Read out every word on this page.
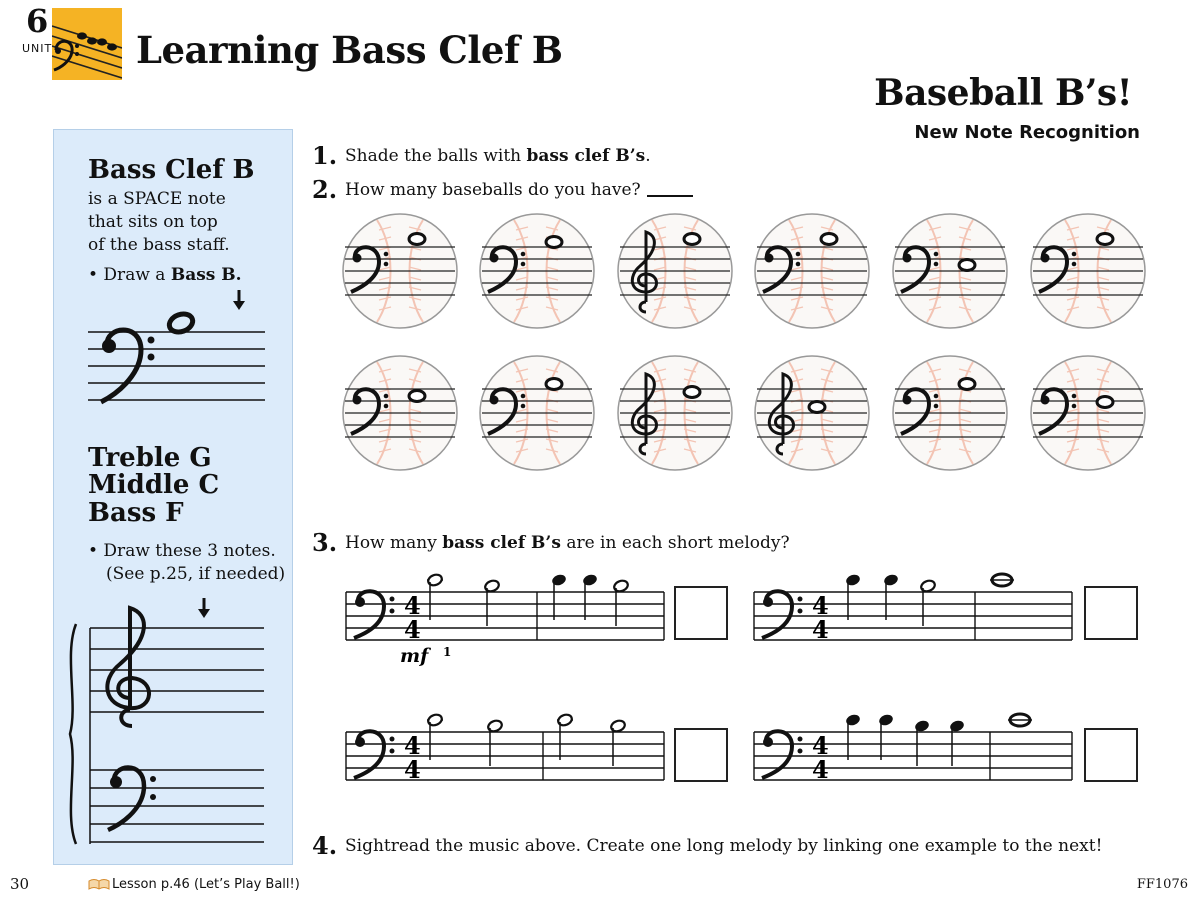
6
UNIT Learning Bass Clef B
Baseball B’s!
New Note Recognition
Bass Clef B
is a SPACE note
that sits on top
of the bass staff.
• Draw a Bass B.
Treble G
Middle C
Bass F
• Draw these 3 notes.
(See p.25, if needed)
1. Shade the balls with bass clef B’s.
2. How many baseballs do you have?
3. How many bass clef B’s are in each short melody?
4
4
mf 1
4
4
4
4
4
4
4. Sightread the music above. Create one long melody by linking one example to the next!
30	Lesson p.46 (Let’s Play Ball!)	FF1076
